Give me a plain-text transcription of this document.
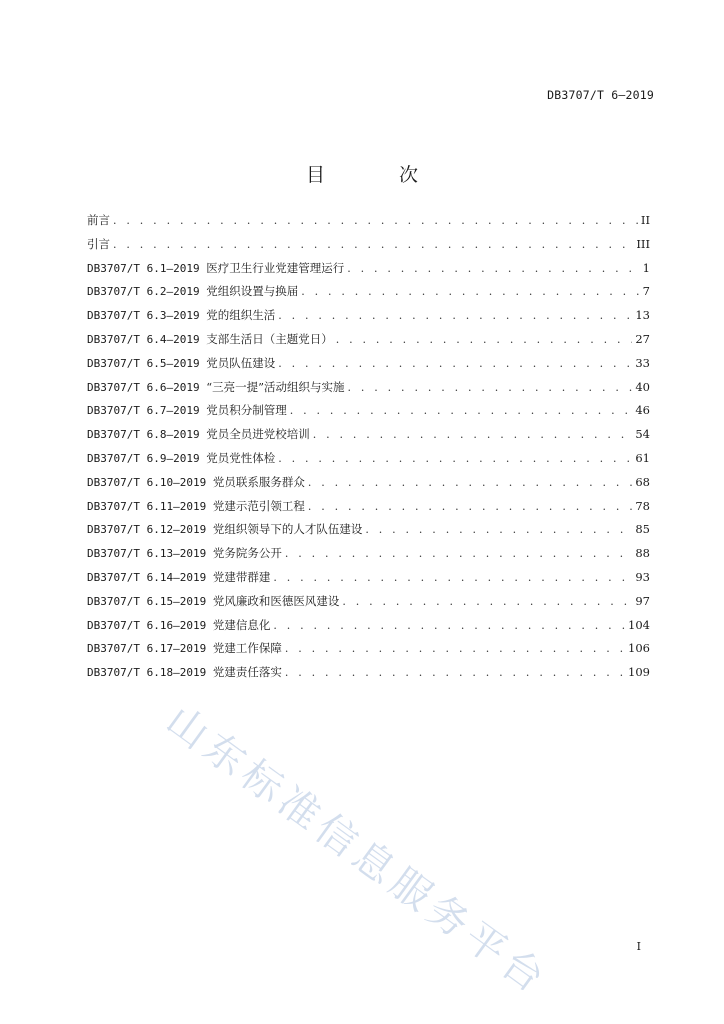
DB3707/T 6—2019
目 次
前言 . . .	II
引言 . . .	III
DB3707/T 6.1—2019 医疗卫生行业党建管理运行 . . .	1
DB3707/T 6.2—2019 党组织设置与换届 . . .	7
DB3707/T 6.3—2019 党的组织生活 . . .	13
DB3707/T 6.4—2019 支部生活日（主题党日） . . .	27
DB3707/T 6.5—2019 党员队伍建设 . . .	33
DB3707/T 6.6—2019 “三亮一提”活动组织与实施 . . .	40
DB3707/T 6.7—2019 党员积分制管理 . . .	46
DB3707/T 6.8—2019 党员全员进党校培训 . . .	54
DB3707/T 6.9—2019 党员党性体检 . . .	61
DB3707/T 6.10—2019 党员联系服务群众 . . .	68
DB3707/T 6.11—2019 党建示范引领工程 . . .	78
DB3707/T 6.12—2019 党组织领导下的人才队伍建设 . . .	85
DB3707/T 6.13—2019 党务院务公开 . . .	88
DB3707/T 6.14—2019 党建带群建 . . .	93
DB3707/T 6.15—2019 党风廉政和医德医风建设 . . .	97
DB3707/T 6.16—2019 党建信息化 . . .	104
DB3707/T 6.17—2019 党建工作保障 . . .	106
DB3707/T 6.18—2019 党建责任落实 . . .	109
山东标准信息服务平台	I
